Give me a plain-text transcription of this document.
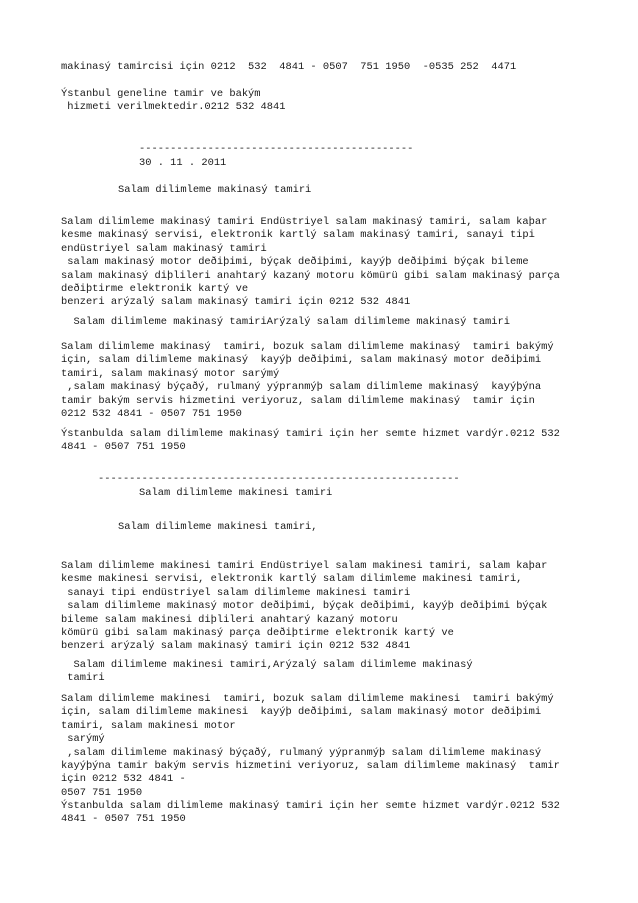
makinasý tamircisi için 0212  532  4841 - 0507  751 1950  -0535 252  4471
Ýstanbul geneline tamir ve bakým
hizmeti verilmektedir.0212 532 4841
--------------------------------------------
30 . 11 . 2011
Salam dilimleme makinasý tamiri
Salam dilimleme makinasý tamiri Endüstriyel salam makinasý tamiri, salam kaþar
kesme makinasý servisi, elektronik kartlý salam makinasý tamiri, sanayi tipi
endüstriyel salam makinasý tamiri
salam makinasý motor deðiþimi, býçak deðiþimi, kayýþ deðiþimi býçak bileme
salam makinasý diþlileri anahtarý kazaný motoru kömürü gibi salam makinasý parça
deðiþtirme elektronik kartý ve
benzeri arýzalý salam makinasý tamiri için 0212 532 4841
Salam dilimleme makinasý tamiriArýzalý salam dilimleme makinasý tamiri
Salam dilimleme makinasý  tamiri, bozuk salam dilimleme makinasý  tamiri bakýmý
için, salam dilimleme makinasý  kayýþ deðiþimi, salam makinasý motor deðiþimi
tamiri, salam makinasý motor sarýmý
,salam makinasý býçaðý, rulmaný yýpranmýþ salam dilimleme makinasý  kayýþýna
tamir bakým servis hizmetini veriyoruz, salam dilimleme makinasý  tamir için
0212 532 4841 - 0507 751 1950
Ýstanbulda salam dilimleme makinasý tamiri için her semte hizmet vardýr.0212 532
4841 - 0507 751 1950
----------------------------------------------------------
Salam dilimleme makinesi tamiri
Salam dilimleme makinesi tamiri,
Salam dilimleme makinesi tamiri Endüstriyel salam makinesi tamiri, salam kaþar
kesme makinesi servisi, elektronik kartlý salam dilimleme makinesi tamiri,
sanayi tipi endüstriyel salam dilimleme makinesi tamiri
salam dilimleme makinasý motor deðiþimi, býçak deðiþimi, kayýþ deðiþimi býçak
bileme salam makinesi diþlileri anahtarý kazaný motoru
kömürü gibi salam makinasý parça deðiþtirme elektronik kartý ve
benzeri arýzalý salam makinasý tamiri için 0212 532 4841
Salam dilimleme makinesi tamiri,Arýzalý salam dilimleme makinasý
tamiri
Salam dilimleme makinesi  tamiri, bozuk salam dilimleme makinesi  tamiri bakýmý
için, salam dilimleme makinesi  kayýþ deðiþimi, salam makinasý motor deðiþimi
tamiri, salam makinesi motor
sarýmý
,salam dilimleme makinasý býçaðý, rulmaný yýpranmýþ salam dilimleme makinasý
kayýþýna tamir bakým servis hizmetini veriyoruz, salam dilimleme makinasý  tamir
için 0212 532 4841 -
0507 751 1950
Ýstanbulda salam dilimleme makinasý tamiri için her semte hizmet vardýr.0212 532
4841 - 0507 751 1950
